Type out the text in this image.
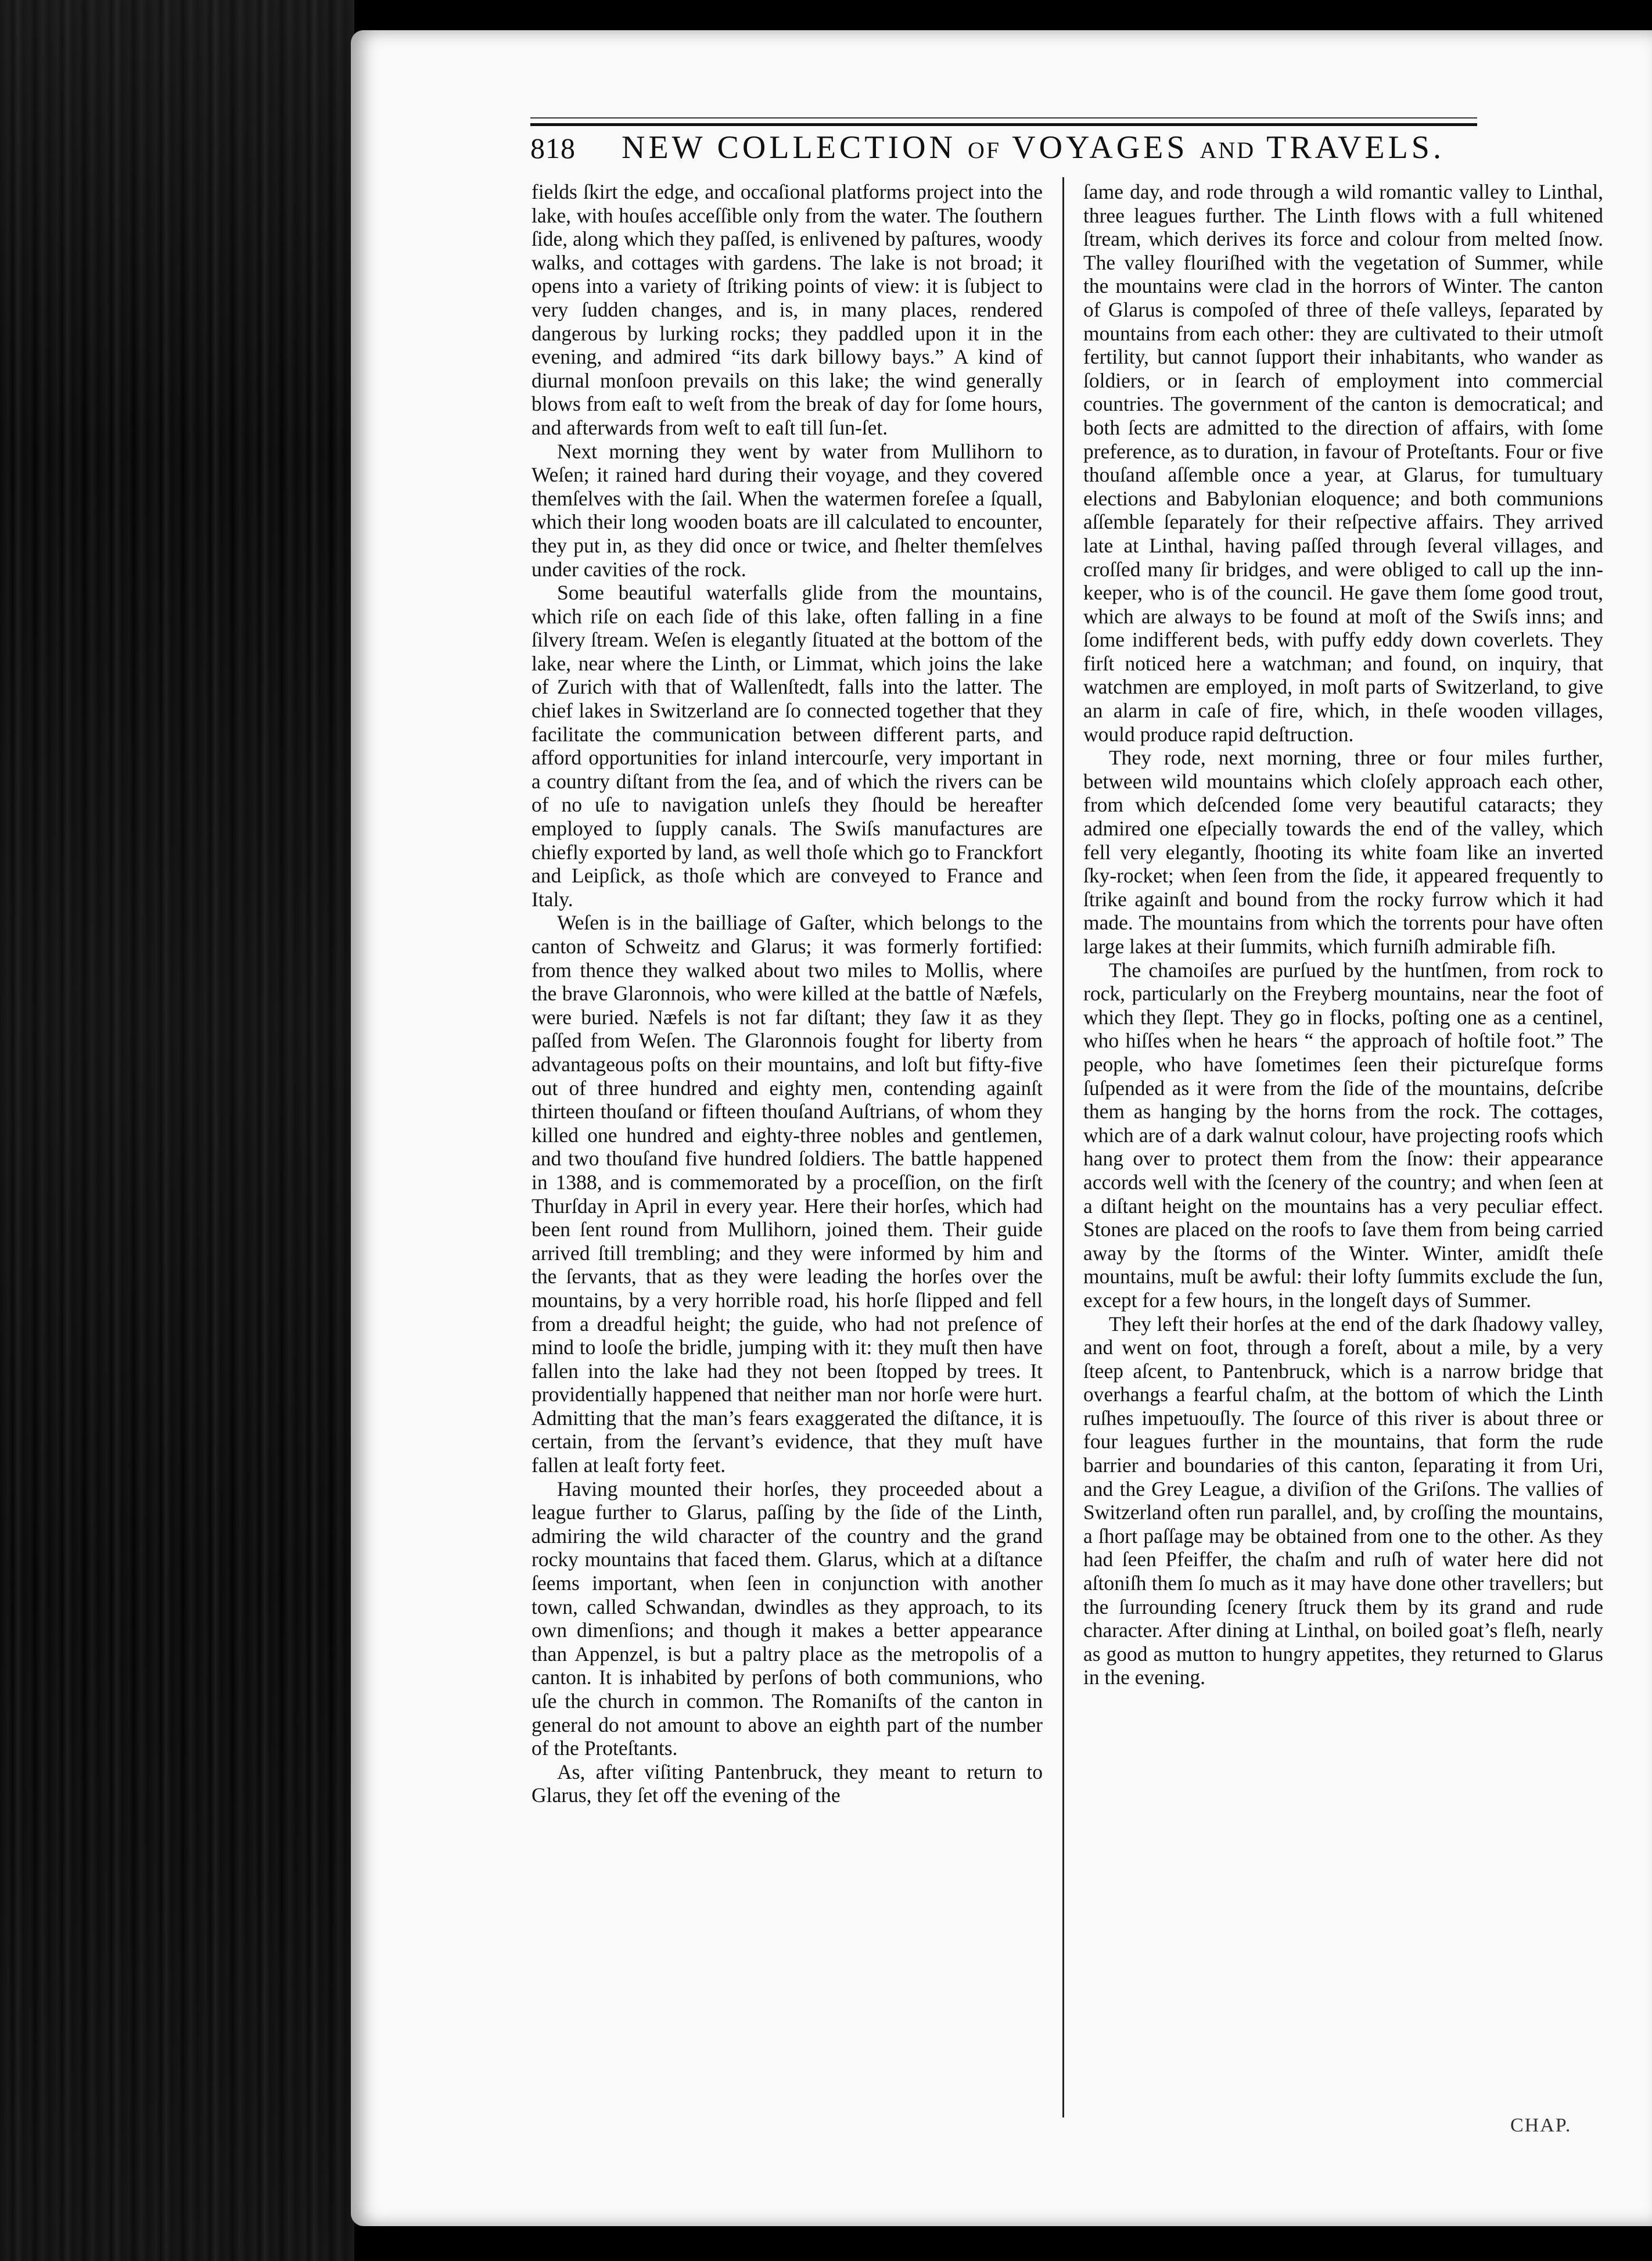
818 NEW COLLECTION OF VOYAGES AND TRAVELS.

fields ſkirt the edge, and occaſional platforms project into the lake, with houſes acceſſible only from the water. The ſouthern ſide, along which they paſſed, is enlivened by paſtures, woody walks, and cottages with gardens. The lake is not broad; it opens into a variety of ſtriking points of view: it is ſubject to very ſudden changes, and is, in many places, rendered dangerous by lurking rocks; they paddled upon it in the evening, and admired “its dark billowy bays.” A kind of diurnal monſoon prevails on this lake; the wind generally blows from eaſt to weſt from the break of day for ſome hours, and afterwards from weſt to eaſt till ſun-ſet.

Next morning they went by water from Mullihorn to Weſen; it rained hard during their voyage, and they covered themſelves with the ſail. When the watermen foreſee a ſquall, which their long wooden boats are ill calculated to encounter, they put in, as they did once or twice, and ſhelter themſelves under cavities of the rock.

Some beautiful waterfalls glide from the mountains, which riſe on each ſide of this lake, often falling in a fine ſilvery ſtream. Weſen is elegantly ſituated at the bottom of the lake, near where the Linth, or Limmat, which joins the lake of Zurich with that of Wallenſtedt, falls into the latter. The chief lakes in Switzerland are ſo connected together that they facilitate the communication between different parts, and afford opportunities for inland intercourſe, very important in a country diſtant from the ſea, and of which the rivers can be of no uſe to navigation unleſs they ſhould be hereafter employed to ſupply canals. The Swiſs manufactures are chiefly exported by land, as well thoſe which go to Franckfort and Leipſick, as thoſe which are conveyed to France and Italy.

Weſen is in the bailliage of Gaſter, which belongs to the canton of Schweitz and Glarus; it was formerly fortified: from thence they walked about two miles to Mollis, where the brave Glaronnois, who were killed at the battle of Næfels, were buried. Næfels is not far diſtant; they ſaw it as they paſſed from Weſen. The Glaronnois fought for liberty from advantageous poſts on their mountains, and loſt but fifty-five out of three hundred and eighty men, contending againſt thirteen thouſand or fifteen thouſand Auſtrians, of whom they killed one hundred and eighty-three nobles and gentlemen, and two thouſand five hundred ſoldiers. The battle happened in 1388, and is commemorated by a proceſſion, on the firſt Thurſday in April in every year. Here their horſes, which had been ſent round from Mullihorn, joined them. Their guide arrived ſtill trembling; and they were informed by him and the ſervants, that as they were leading the horſes over the mountains, by a very horrible road, his horſe ſlipped and fell from a dreadful height; the guide, who had not preſence of mind to looſe the bridle, jumping with it: they muſt then have fallen into the lake had they not been ſtopped by trees. It providentially happened that neither man nor horſe were hurt. Admitting that the man’s fears exaggerated the diſtance, it is certain, from the ſervant’s evidence, that they muſt have fallen at leaſt forty feet.

Having mounted their horſes, they proceeded about a league further to Glarus, paſſing by the ſide of the Linth, admiring the wild character of the country and the grand rocky mountains that faced them. Glarus, which at a diſtance ſeems important, when ſeen in conjunction with another town, called Schwandan, dwindles as they approach, to its own dimenſions; and though it makes a better appearance than Appenzel, is but a paltry place as the metropolis of a canton. It is inhabited by perſons of both communions, who uſe the church in common. The Romaniſts of the canton in general do not amount to above an eighth part of the number of the Proteſtants.

As, after viſiting Pantenbruck, they meant to return to Glarus, they ſet off the evening of the

ſame day, and rode through a wild romantic valley to Linthal, three leagues further. The Linth flows with a full whitened ſtream, which derives its force and colour from melted ſnow. The valley flouriſhed with the vegetation of Summer, while the mountains were clad in the horrors of Winter. The canton of Glarus is compoſed of three of theſe valleys, ſeparated by mountains from each other: they are cultivated to their utmoſt fertility, but cannot ſupport their inhabitants, who wander as ſoldiers, or in ſearch of employment into commercial countries. The government of the canton is democratical; and both ſects are admitted to the direction of affairs, with ſome preference, as to duration, in favour of Proteſtants. Four or five thouſand aſſemble once a year, at Glarus, for tumultuary elections and Babylonian eloquence; and both communions aſſemble ſeparately for their reſpective affairs. They arrived late at Linthal, having paſſed through ſeveral villages, and croſſed many ſir bridges, and were obliged to call up the inn-keeper, who is of the council. He gave them ſome good trout, which are always to be found at moſt of the Swiſs inns; and ſome indifferent beds, with puffy eddy down coverlets. They firſt noticed here a watchman; and found, on inquiry, that watchmen are employed, in moſt parts of Switzerland, to give an alarm in caſe of fire, which, in theſe wooden villages, would produce rapid deſtruction.

They rode, next morning, three or four miles further, between wild mountains which cloſely approach each other, from which deſcended ſome very beautiful cataracts; they admired one eſpecially towards the end of the valley, which fell very elegantly, ſhooting its white foam like an inverted ſky-rocket; when ſeen from the ſide, it appeared frequently to ſtrike againſt and bound from the rocky furrow which it had made. The mountains from which the torrents pour have often large lakes at their ſummits, which furniſh admirable fiſh.

The chamoiſes are purſued by the huntſmen, from rock to rock, particularly on the Freyberg mountains, near the foot of which they ſlept. They go in flocks, poſting one as a centinel, who hiſſes when he hears “ the approach of hoſtile foot.” The people, who have ſometimes ſeen their pictureſque forms ſuſpended as it were from the ſide of the mountains, deſcribe them as hanging by the horns from the rock. The cottages, which are of a dark walnut colour, have projecting roofs which hang over to protect them from the ſnow: their appearance accords well with the ſcenery of the country; and when ſeen at a diſtant height on the mountains has a very peculiar effect. Stones are placed on the roofs to ſave them from being carried away by the ſtorms of the Winter. Winter, amidſt theſe mountains, muſt be awful: their lofty ſummits exclude the ſun, except for a few hours, in the longeſt days of Summer.

They left their horſes at the end of the dark ſhadowy valley, and went on foot, through a foreſt, about a mile, by a very ſteep aſcent, to Pantenbruck, which is a narrow bridge that overhangs a fearful chaſm, at the bottom of which the Linth ruſhes impetuouſly. The ſource of this river is about three or four leagues further in the mountains, that form the rude barrier and boundaries of this canton, ſeparating it from Uri, and the Grey League, a diviſion of the Griſons. The vallies of Switzerland often run parallel, and, by croſſing the mountains, a ſhort paſſage may be obtained from one to the other. As they had ſeen Pfeiffer, the chaſm and ruſh of water here did not aſtoniſh them ſo much as it may have done other travellers; but the ſurrounding ſcenery ſtruck them by its grand and rude character. After dining at Linthal, on boiled goat’s fleſh, nearly as good as mutton to hungry appetites, they returned to Glarus in the evening.

CHAP.
